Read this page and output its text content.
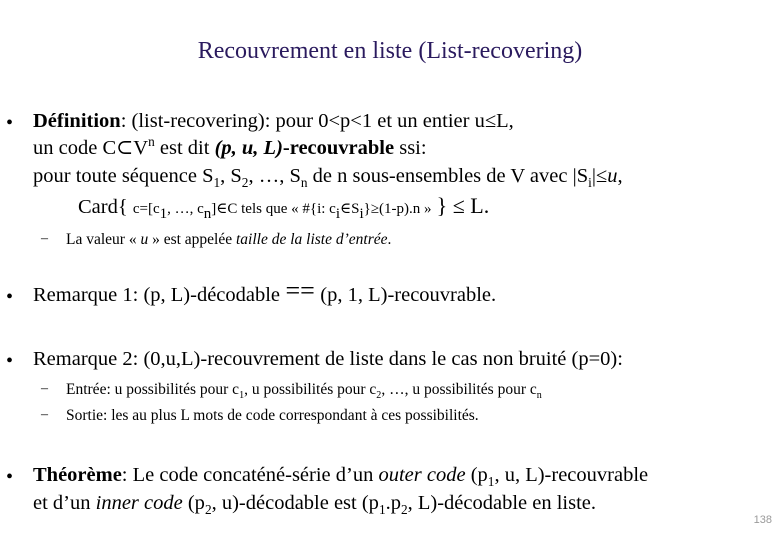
Recouvrement en liste (List-recovering)
• Définition: (list-recovering): pour 0<p<1 et un entier u≤L,
un code $C\subset V^n$ est dit (p, u, L)-recouvrable ssi:
pour toute séquence $S_1$, $S_2$, …, $S_n$ de n sous-ensembles de V avec $|S_i|\le u$,
Card{ $c=[c_1$, …, $c_n]\in C$ tels que « #{i: $c_i\in S_i\}\ge(1-p).n$ » } ≤ L.
– La valeur « u » est appelée taille de la liste d’entrée.
• Remarque 1: (p, L)-décodable == (p, 1, L)-recouvrable.
• Remarque 2: (0,u,L)-recouvrement de liste dans le cas non bruité (p=0):
– Entrée: u possibilités pour $c_1$, u possibilités pour $c_2$, …, u possibilités pour $c_n$
– Sortie: les au plus L mots de code correspondant à ces possibilités.
• Théorème: Le code concaténé-série d’un outer code ($p_1$, u, L)-recouvrable
et d’un inner code ($p_2$, u)-décodable est ($p_1.p_2$, L)-décodable en liste.
138
